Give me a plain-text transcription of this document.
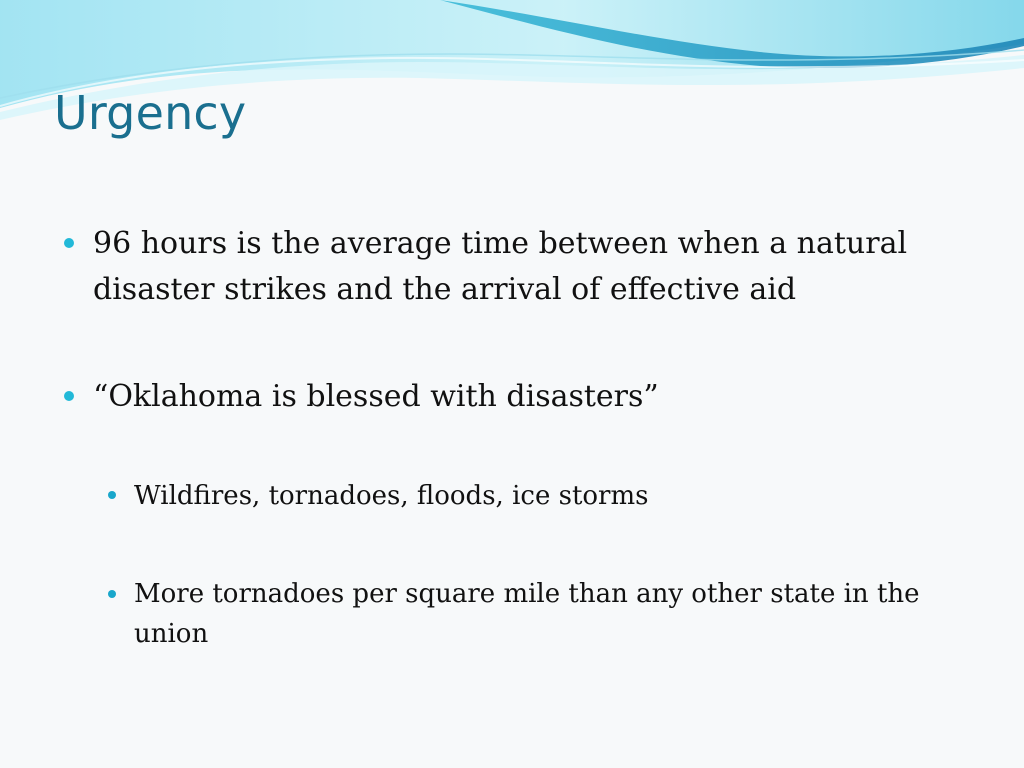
Urgency
96 hours is the average time between when a natural disaster strikes and the arrival of effective aid
“Oklahoma is blessed with disasters”
Wildfires, tornadoes, floods, ice storms
More tornadoes per square mile than any other state in the union
